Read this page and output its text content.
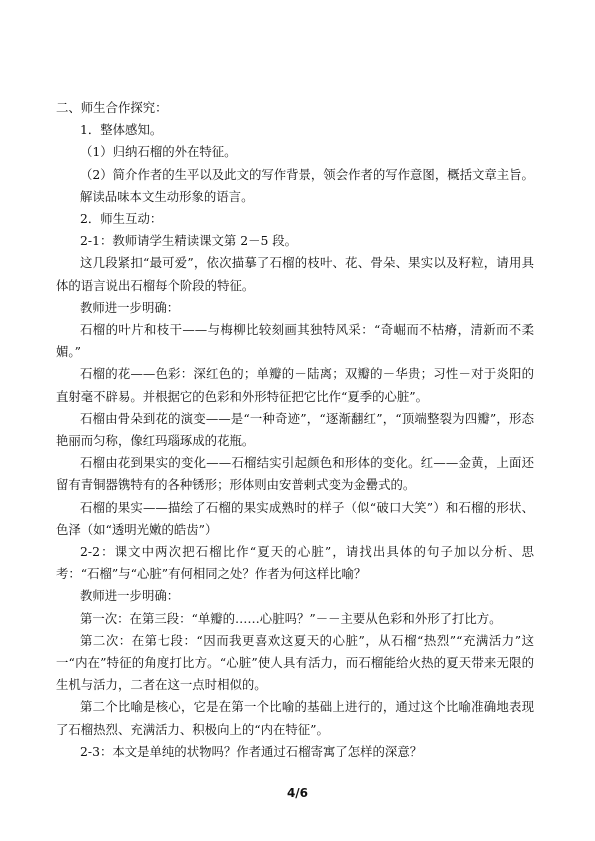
二、师生合作探究：

1．整体感知。

（1）归纳石榴的外在特征。

（2）简介作者的生平以及此文的写作背景，领会作者的写作意图，概括文章主旨。

解读品味本文生动形象的语言。

2．师生互动：

2-1：教师请学生精读课文第 2－5 段。

这几段紧扣“最可爱”，依次描摹了石榴的枝叶、花、骨朵、果实以及籽粒，请用具体的语言说出石榴每个阶段的特征。

教师进一步明确：

石榴的叶片和枝干——与梅柳比较刻画其独特风采：“奇崛而不枯瘠，清新而不柔媚。”

石榴的花——色彩：深红色的；单瓣的－陆离；双瓣的－华贵；习性－对于炎阳的直射毫不辟易。并根据它的色彩和外形特征把它比作“夏季的心脏”。

石榴由骨朵到花的演变——是“一种奇迹”，“逐渐翻红”，“顶端整裂为四瓣”，形态艳丽而匀称，像红玛瑙琢成的花瓶。

石榴由花到果实的变化——石榴结实引起颜色和形体的变化。红——金黄，上面还留有青铜器镌特有的各种锈形；形体则由安普剌式变为金罍式的。

石榴的果实——描绘了石榴的果实成熟时的样子（似“破口大笑”）和石榴的形状、色泽（如“透明光嫩的皓齿”）

2-2：课文中两次把石榴比作“夏天的心脏”，请找出具体的句子加以分析、思考：“石榴”与“心脏”有何相同之处？作者为何这样比喻？

教师进一步明确：

第一次：在第三段：“单瓣的……心脏吗？”－－主要从色彩和外形了打比方。

第二次：在第七段：“因而我更喜欢这夏天的心脏”，从石榴“热烈”“充满活力”这一“内在”特征的角度打比方。“心脏”使人具有活力，而石榴能给火热的夏天带来无限的生机与活力，二者在这一点时相似的。

第二个比喻是核心，它是在第一个比喻的基础上进行的，通过这个比喻准确地表现了石榴热烈、充满活力、积极向上的“内在特征”。

2-3：本文是单纯的状物吗？作者通过石榴寄寓了怎样的深意？

4/6
